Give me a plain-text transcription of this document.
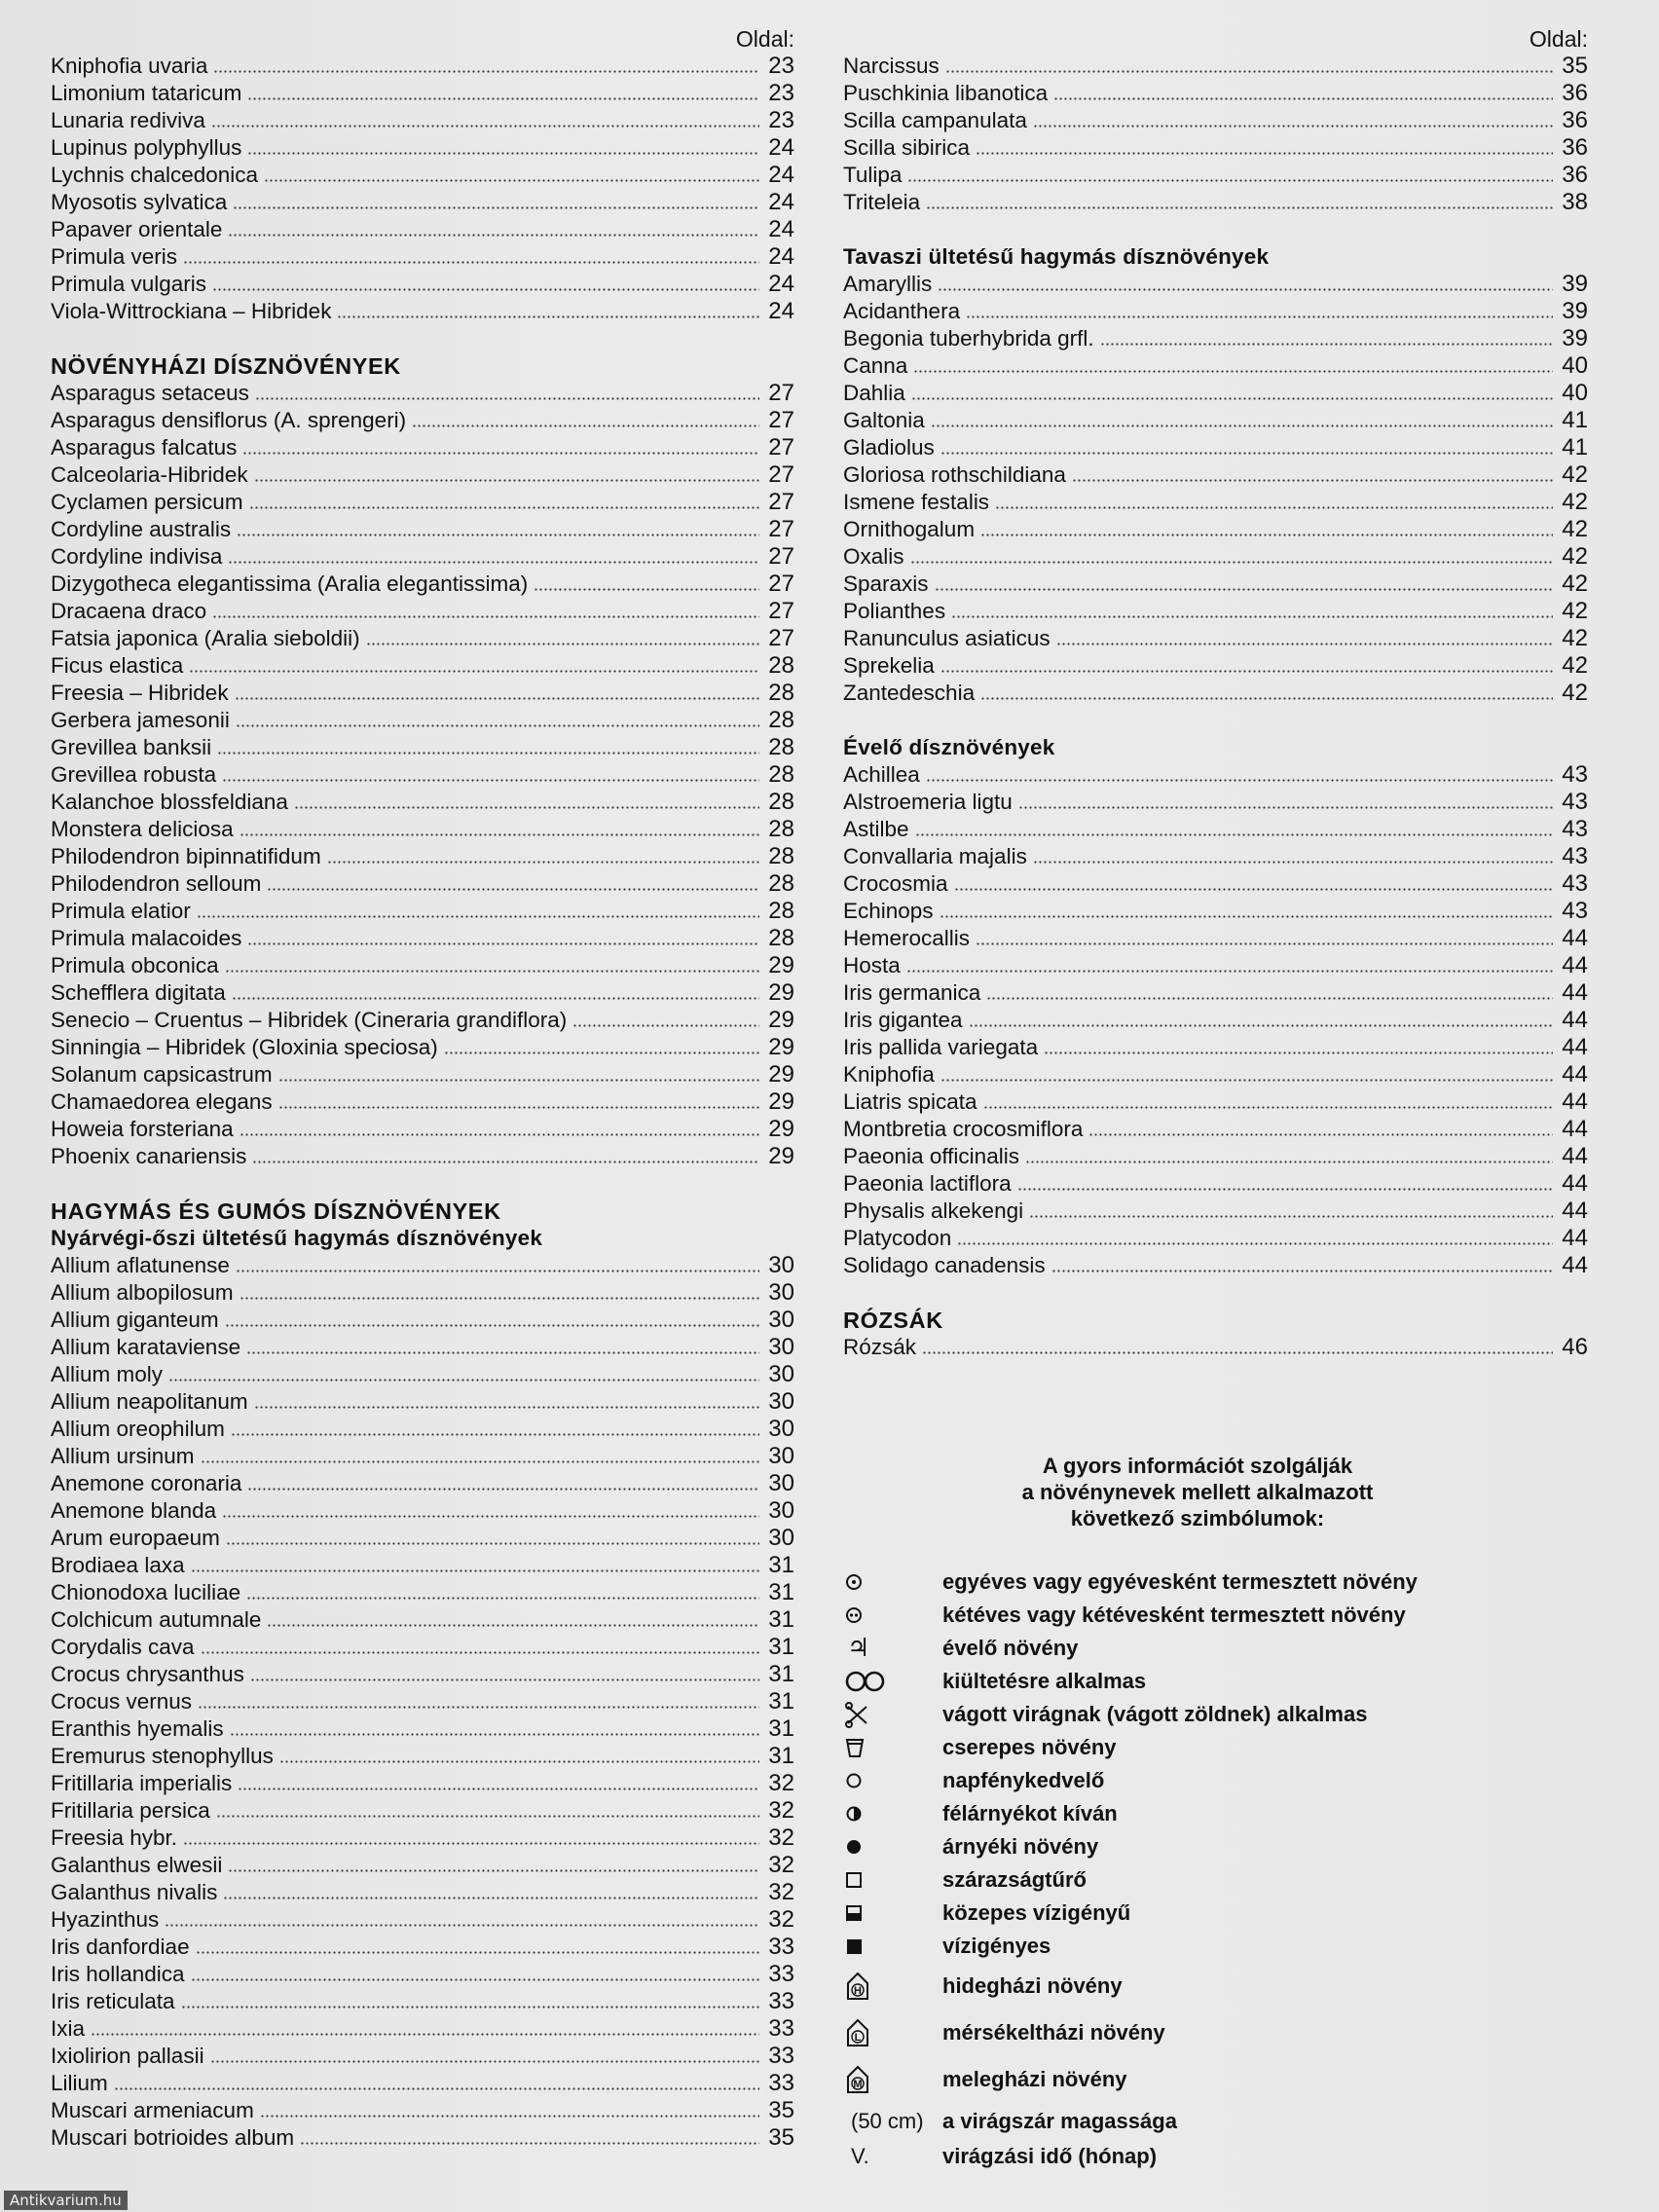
Oldal:
Kniphofia uvaria	23
Limonium tataricum	23
Lunaria rediviva	23
Lupinus polyphyllus	24
Lychnis chalcedonica	24
Myosotis sylvatica	24
Papaver orientale	24
Primula veris	24
Primula vulgaris	24
Viola-Wittrockiana – Hibridek	24
NÖVÉNYHÁZI DÍSZNÖVÉNYEK
Asparagus setaceus	27
Asparagus densiflorus (A. sprengeri)	27
Asparagus falcatus	27
Calceolaria-Hibridek	27
Cyclamen persicum	27
Cordyline australis	27
Cordyline indivisa	27
Dizygotheca elegantissima (Aralia elegantissima)	27
Dracaena draco	27
Fatsia japonica (Aralia sieboldii)	27
Ficus elastica	28
Freesia – Hibridek	28
Gerbera jamesonii	28
Grevillea banksii	28
Grevillea robusta	28
Kalanchoe blossfeldiana	28
Monstera deliciosa	28
Philodendron bipinnatifidum	28
Philodendron selloum	28
Primula elatior	28
Primula malacoides	28
Primula obconica	29
Schefflera digitata	29
Senecio – Cruentus – Hibridek (Cineraria grandiflora)	29
Sinningia – Hibridek (Gloxinia speciosa)	29
Solanum capsicastrum	29
Chamaedorea elegans	29
Howeia forsteriana	29
Phoenix canariensis	29
HAGYMÁS ÉS GUMÓS DÍSZNÖVÉNYEK
Nyárvégi-őszi ültetésű hagymás dísznövények
Allium aflatunense	30
Allium albopilosum	30
Allium giganteum	30
Allium karataviense	30
Allium moly	30
Allium neapolitanum	30
Allium oreophilum	30
Allium ursinum	30
Anemone coronaria	30
Anemone blanda	30
Arum europaeum	30
Brodiaea laxa	31
Chionodoxa luciliae	31
Colchicum autumnale	31
Corydalis cava	31
Crocus chrysanthus	31
Crocus vernus	31
Eranthis hyemalis	31
Eremurus stenophyllus	31
Fritillaria imperialis	32
Fritillaria persica	32
Freesia hybr.	32
Galanthus elwesii	32
Galanthus nivalis	32
Hyazinthus	32
Iris danfordiae	33
Iris hollandica	33
Iris reticulata	33
Ixia	33
Ixiolirion pallasii	33
Lilium	33
Muscari armeniacum	35
Muscari botrioides album	35
Oldal:
Narcissus	35
Puschkinia libanotica	36
Scilla campanulata	36
Scilla sibirica	36
Tulipa	36
Triteleia	38
Tavaszi ültetésű hagymás dísznövények
Amaryllis	39
Acidanthera	39
Begonia tuberhybrida grfl.	39
Canna	40
Dahlia	40
Galtonia	41
Gladiolus	41
Gloriosa rothschildiana	42
Ismene festalis	42
Ornithogalum	42
Oxalis	42
Sparaxis	42
Polianthes	42
Ranunculus asiaticus	42
Sprekelia	42
Zantedeschia	42
Évelő dísznövények
Achillea	43
Alstroemeria ligtu	43
Astilbe	43
Convallaria majalis	43
Crocosmia	43
Echinops	43
Hemerocallis	44
Hosta	44
Iris germanica	44
Iris gigantea	44
Iris pallida variegata	44
Kniphofia	44
Liatris spicata	44
Montbretia crocosmiflora	44
Paeonia officinalis	44
Paeonia lactiflora	44
Physalis alkekengi	44
Platycodon	44
Solidago canadensis	44
RÓZSÁK
Rózsák	46
A gyors információt szolgálják
a növénynevek mellett alkalmazott
következő szimbólumok:
egyéves vagy egyévesként termesztett növény
kétéves vagy kétévesként termesztett növény
♃	évelő növény
kiültetésre alkalmas
vágott virágnak (vágott zöldnek) alkalmas
cserepes növény
napfénykedvelő
félárnyékot kíván
árnyéki növény
szárazságtűrő
közepes vízigényű
vízigényes
H	hidegházi növény
L	mérsékeltházi növény
M	melegházi növény
(50 cm) a virágszár magassága
V.	virágzási idő (hónap)
Antikvarium.hu
